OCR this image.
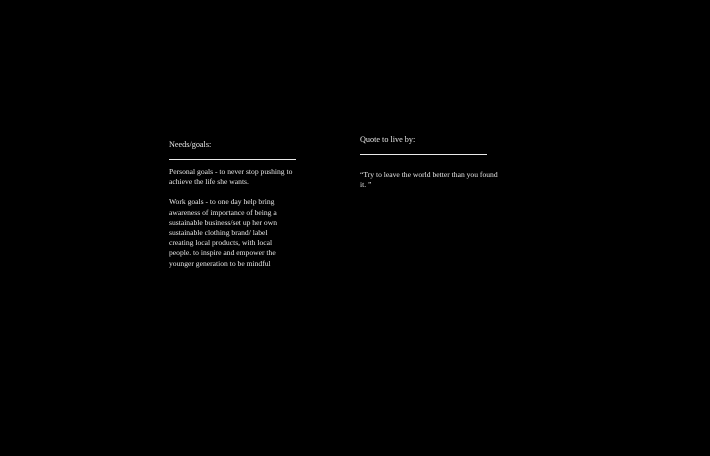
Needs/goals:

Personal goals - to never stop pushing to achieve the life she wants.

Work goals - to one day help bring awareness of importance of being a sustainable business/set up her own sustainable clothing brand/ label creating local products, with local people. to inspire and empower the younger generation to be mindful

Quote to live by:

“Try to leave the world better than you found it. ”
